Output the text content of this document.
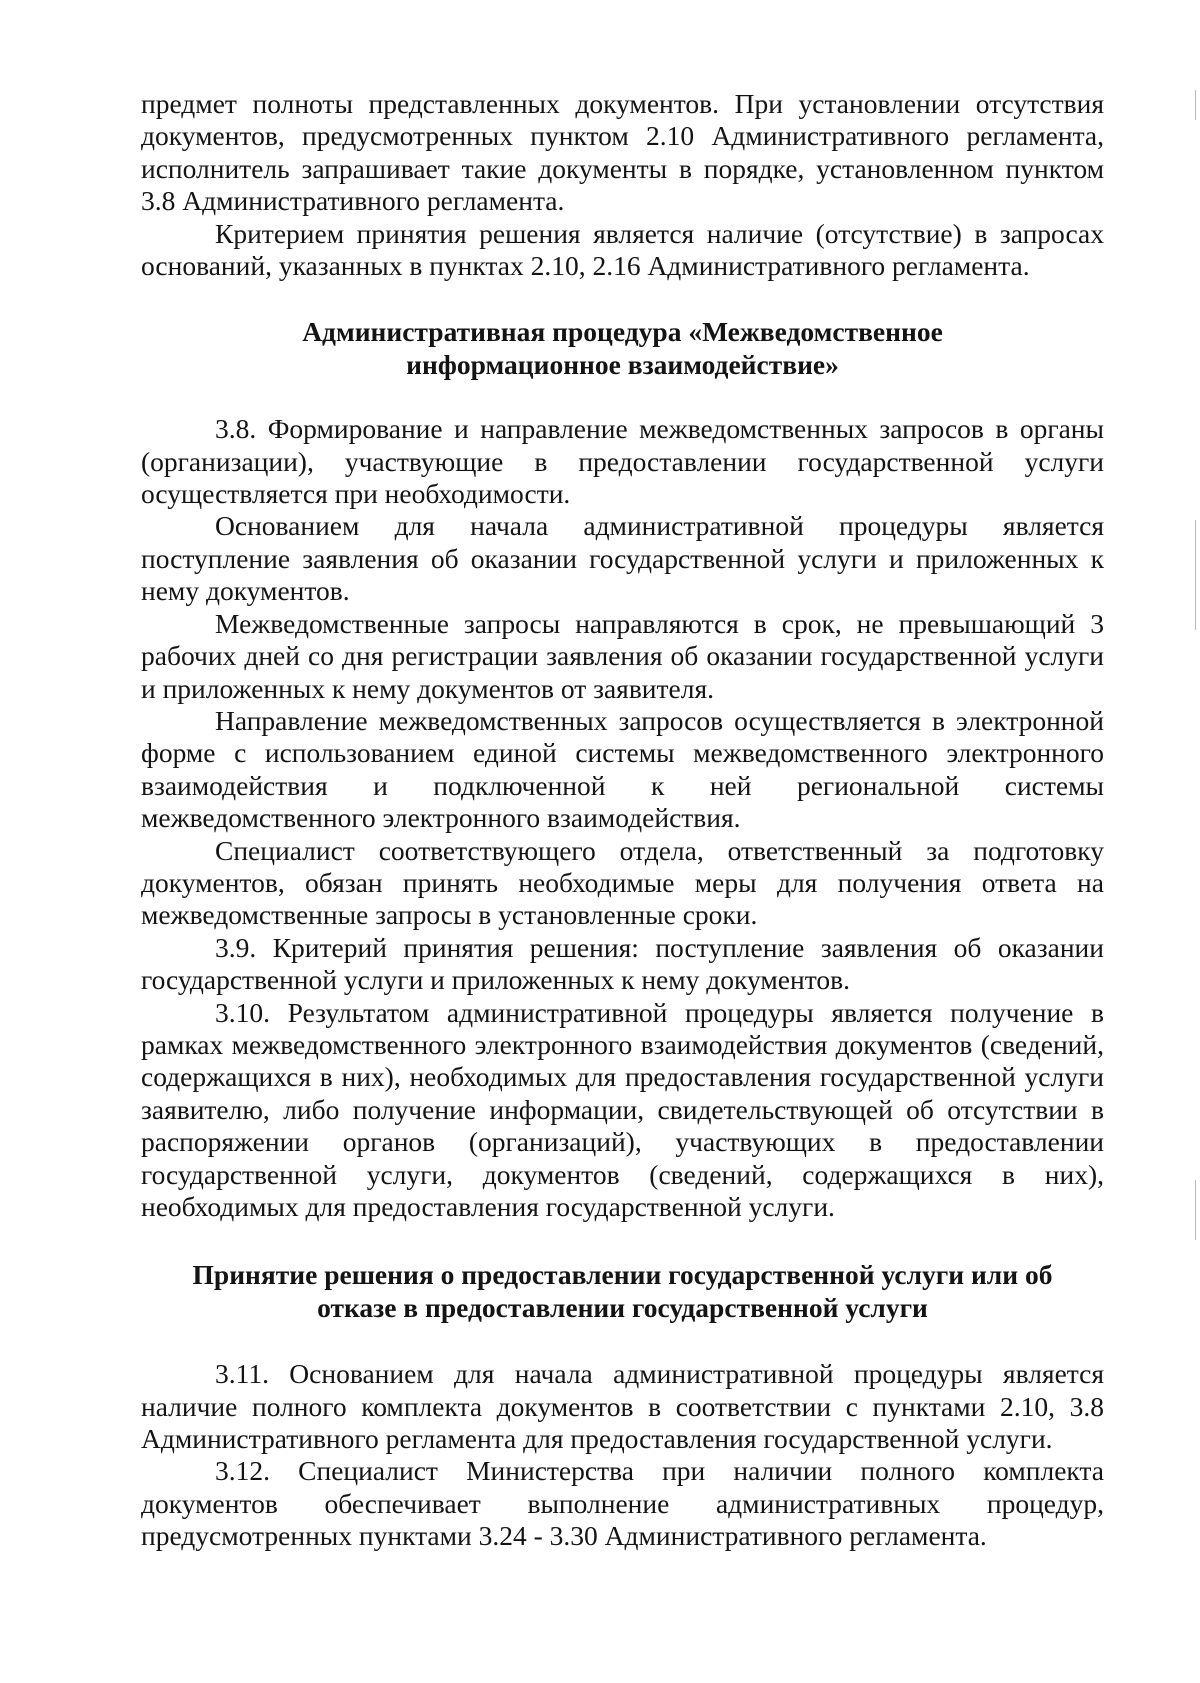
предмет полноты представленных документов. При установлении отсутствия документов, предусмотренных пунктом 2.10 Административного регламента, исполнитель запрашивает такие документы в порядке, установленном пунктом 3.8 Административного регламента.

Критерием принятия решения является наличие (отсутствие) в запросах оснований, указанных в пунктах 2.10, 2.16 Административного регламента.

Административная процедура «Межведомственное

информационное взаимодействие»

3.8. Формирование и направление межведомственных запросов в органы (организации), участвующие в предоставлении государственной услуги осуществляется при необходимости.

Основанием для начала административной процедуры является поступление заявления об оказании государственной услуги и приложенных к нему документов.

Межведомственные запросы направляются в срок, не превышающий 3 рабочих дней со дня регистрации заявления об оказании государственной услуги и приложенных к нему документов от заявителя.

Направление межведомственных запросов осуществляется в электронной форме с использованием единой системы межведомственного электронного взаимодействия и подключенной к ней региональной системы межведомственного электронного взаимодействия.

Специалист соответствующего отдела, ответственный за подготовку документов, обязан принять необходимые меры для получения ответа на межведомственные запросы в установленные сроки.

3.9. Критерий принятия решения: поступление заявления об оказании государственной услуги и приложенных к нему документов.

3.10. Результатом административной процедуры является получение в рамках межведомственного электронного взаимодействия документов (сведений, содержащихся в них), необходимых для предоставления государственной услуги заявителю, либо получение информации, свидетельствующей об отсутствии в распоряжении органов (организаций), участвующих в предоставлении государственной услуги, документов (сведений, содержащихся в них), необходимых для предоставления государственной услуги.

Принятие решения о предоставлении государственной услуги или об

отказе в предоставлении государственной услуги

3.11. Основанием для начала административной процедуры является наличие полного комплекта документов в соответствии с пунктами 2.10, 3.8 Административного регламента для предоставления государственной услуги.

3.12. Специалист Министерства при наличии полного комплекта документов обеспечивает выполнение административных процедур, предусмотренных пунктами 3.24 - 3.30 Административного регламента.
